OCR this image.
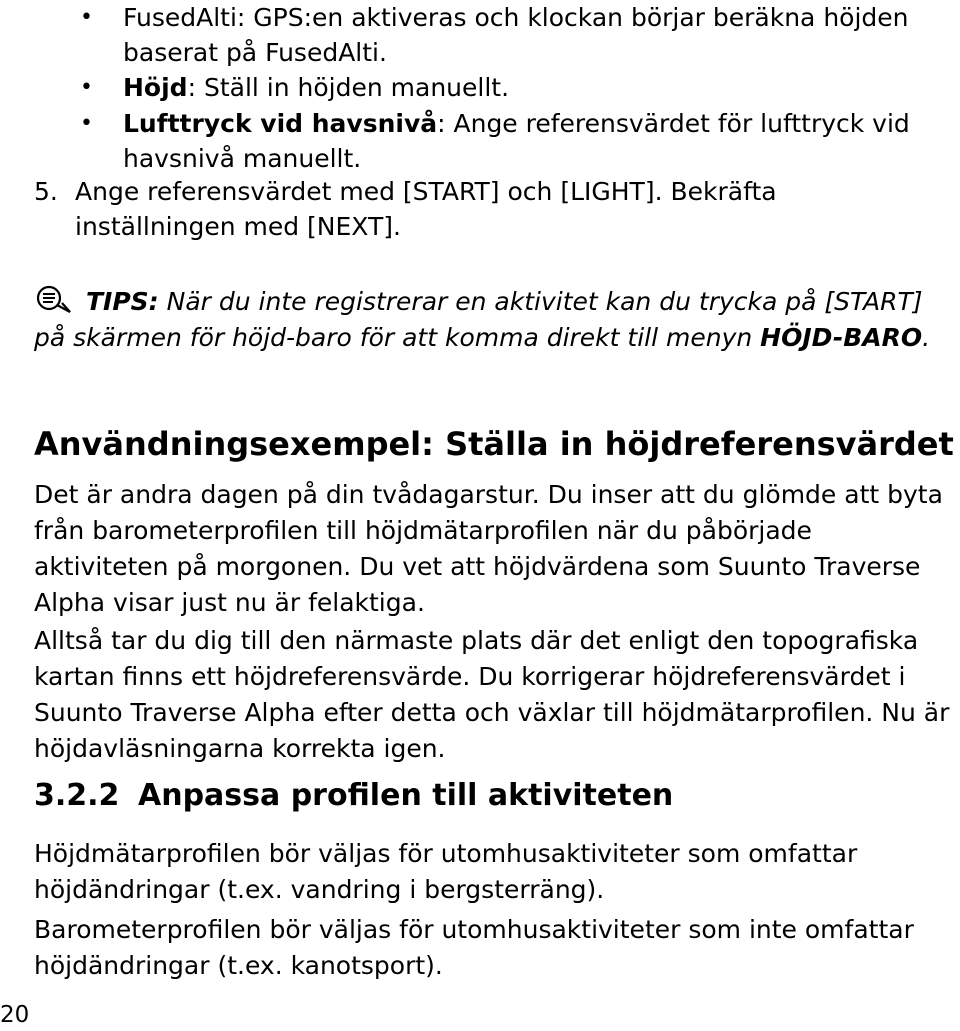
• FusedAlti: GPS:en aktiveras och klockan börjar beräkna höjden baserat på FusedAlti.
• Höjd: Ställ in höjden manuellt.
• Lufttryck vid havsnivå: Ange referensvärdet för lufttryck vid havsnivå manuellt.
5. Ange referensvärdet med [START] och [LIGHT]. Bekräfta
inställningen med [NEXT].
TIPS: När du inte registrerar en aktivitet kan du trycka på [START] på skärmen för höjd-baro för att komma direkt till menyn HÖJD-BARO.
Användningsexempel: Ställa in höjdreferensvärdet

Det är andra dagen på din tvådagarstur. Du inser att du glömde att byta från barometerprofilen till höjdmätarprofilen när du påbörjade aktiviteten på morgonen. Du vet att höjdvärdena som Suunto Traverse Alpha visar just nu är felaktiga.

Alltså tar du dig till den närmaste plats där det enligt den topografiska kartan finns ett höjdreferensvärde. Du korrigerar höjdreferensvärdet i Suunto Traverse Alpha efter detta och växlar till höjdmätarprofilen. Nu är höjdavläsningarna korrekta igen.

3.2.2 Anpassa profilen till aktiviteten

Höjdmätarprofilen bör väljas för utomhusaktiviteter som omfattar höjdändringar (t.ex. vandring i bergsterräng).

Barometerprofilen bör väljas för utomhusaktiviteter som inte omfattar höjdändringar (t.ex. kanotsport).

20
